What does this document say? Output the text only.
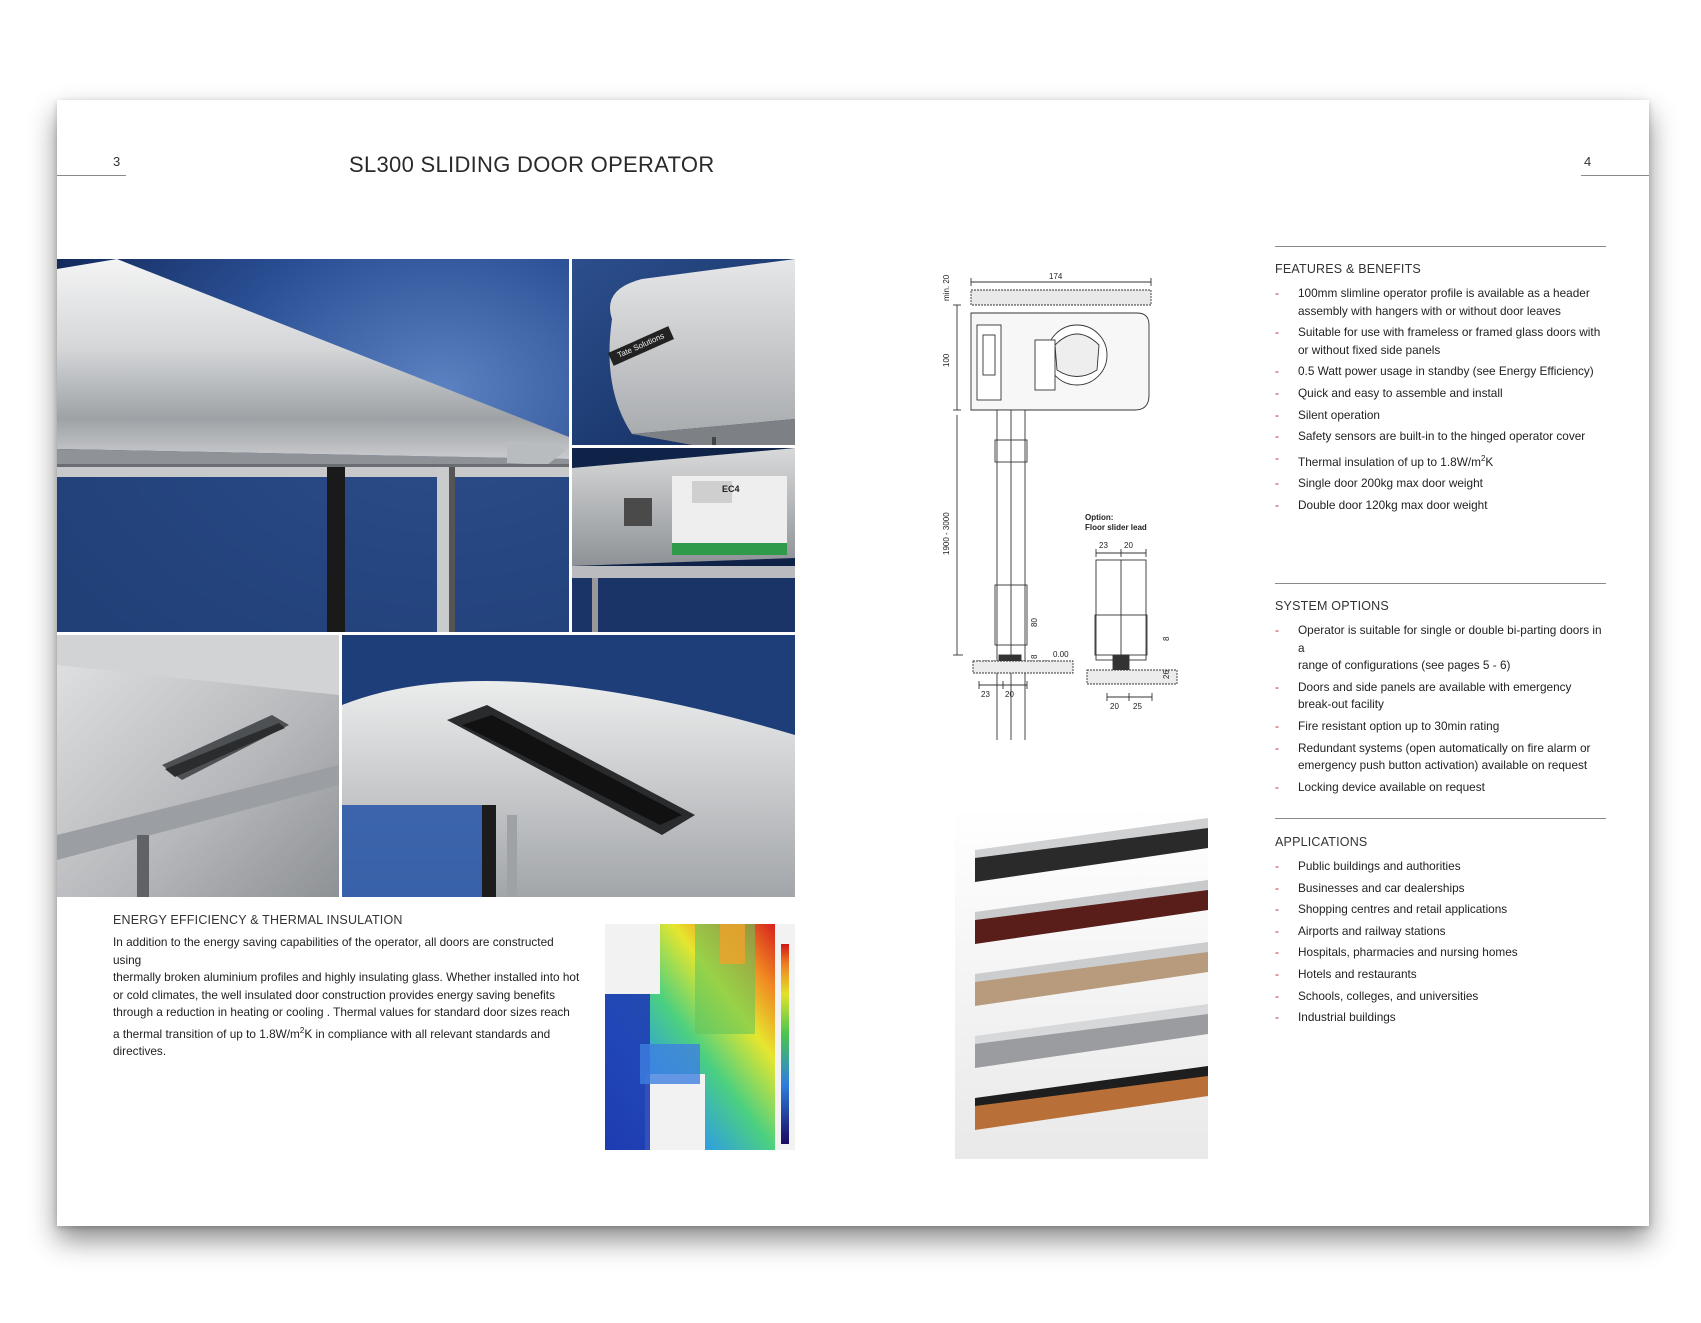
3	SL300 SLIDING DOOR OPERATOR
Tate Solutions
EC4
ENERGY EFFICIENCY & THERMAL INSULATION
In addition to the energy saving capabilities of the operator, all doors are constructed using
thermally broken aluminium profiles and highly insulating glass. Whether installed into hot
or cold climates, the well insulated door construction provides energy saving benefits
through a reduction in heating or cooling . Thermal values for standard door sizes reach
a thermal transition of up to $1.8W/m^2K$ in compliance with all relevant standards and
directives.
4
174
min. 20
100
1900 - 3000
80
8 0.00
23 20
Option:
Floor slider lead
23 20
8
26
20 25
FEATURES & BENEFITS
- 100mm slimline operator profile is available as a header
assembly with hangers with or without door leaves
- Suitable for use with frameless or framed glass doors with
or without fixed side panels
- 0.5 Watt power usage in standby (see Energy Efficiency)
- Quick and easy to assemble and install
- Silent operation
- Safety sensors are built-in to the hinged operator cover
- Thermal insulation of up to $1.8W/m^2K$
- Single door 200kg max door weight
- Double door 120kg max door weight
SYSTEM OPTIONS
- Operator is suitable for single or double bi-parting doors in a
range of configurations (see pages 5 - 6)
- Doors and side panels are available with emergency
break-out facility
- Fire resistant option up to 30min rating
- Redundant systems (open automatically on fire alarm or
emergency push button activation) available on request
- Locking device available on request
APPLICATIONS
- Public buildings and authorities
- Businesses and car dealerships
- Shopping centres and retail applications
- Airports and railway stations
- Hospitals, pharmacies and nursing homes
- Hotels and restaurants
- Schools, colleges, and universities
- Industrial buildings
